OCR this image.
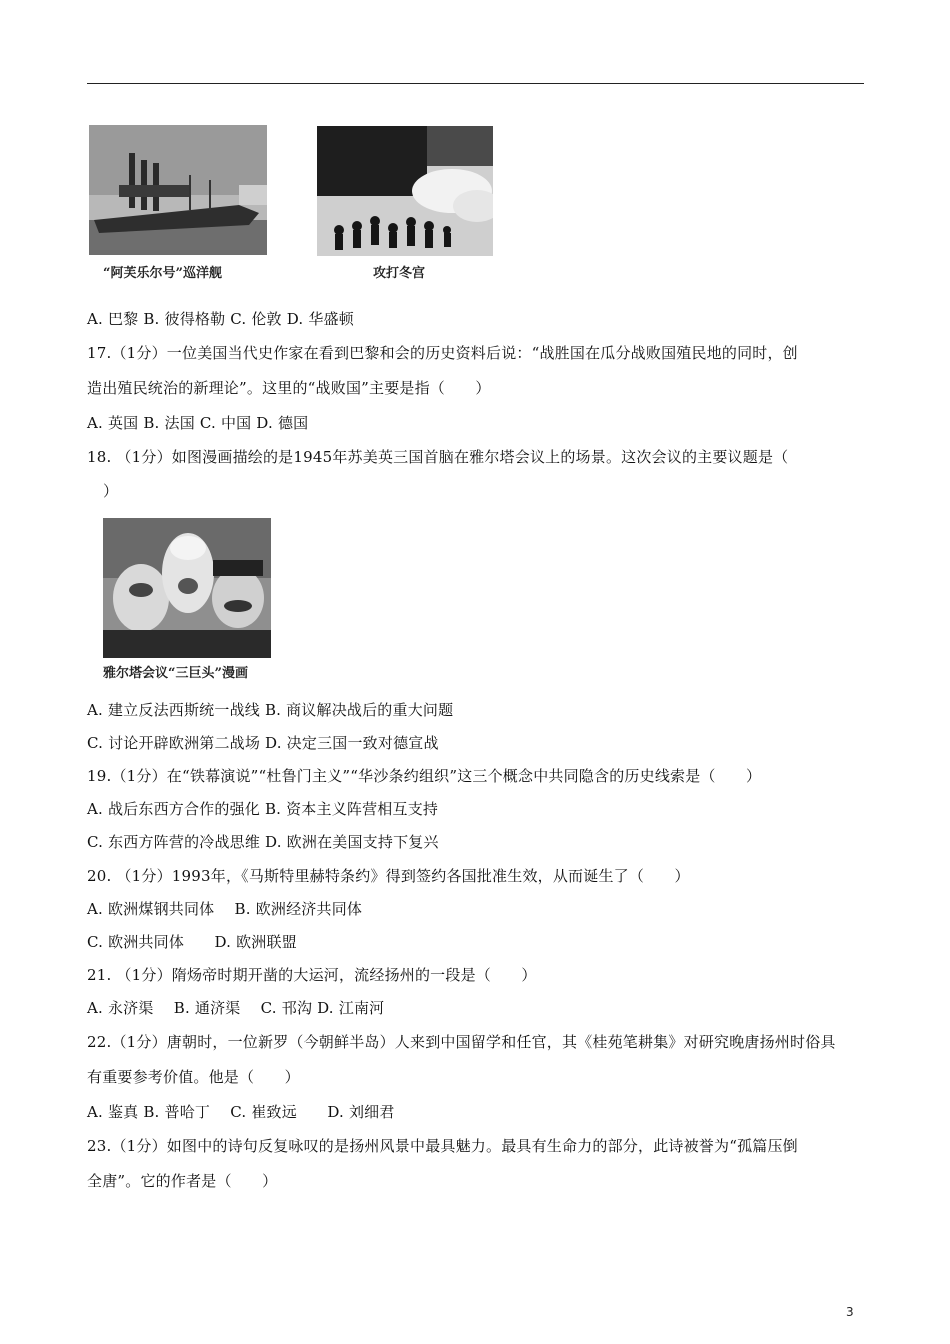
“阿芙乐尔号”巡洋舰	攻打冬宫
A. 巴黎 B. 彼得格勒 C. 伦敦 D. 华盛顿
17.（1分）一位美国当代史作家在看到巴黎和会的历史资料后说：“战胜国在瓜分战败国殖民地的同时，创
造出殖民统治的新理论”。这里的“战败国”主要是指（　　）
A. 英国 B. 法国 C. 中国 D. 德国
18. （1分）如图漫画描绘的是1945年苏美英三国首脑在雅尔塔会议上的场景。这次会议的主要议题是（
）
雅尔塔会议“三巨头”漫画
A. 建立反法西斯统一战线 B. 商议解决战后的重大问题
C. 讨论开辟欧洲第二战场 D. 决定三国一致对德宣战
19.（1分）在“铁幕演说”“杜鲁门主义”“华沙条约组织”这三个概念中共同隐含的历史线索是（　　）
A. 战后东西方合作的强化 B. 资本主义阵营相互支持
C. 东西方阵营的冷战思维 D. 欧洲在美国支持下复兴
20. （1分）1993年，《马斯特里赫特条约》得到签约各国批准生效，从而诞生了（　　）
A. 欧洲煤钢共同体　 B. 欧洲经济共同体
C. 欧洲共同体　　D. 欧洲联盟
21. （1分）隋炀帝时期开凿的大运河，流经扬州的一段是（　　）
A. 永济渠　 B. 通济渠　 C. 邗沟 D. 江南河
22.（1分）唐朝时，一位新罗（今朝鲜半岛）人来到中国留学和任官，其《桂苑笔耕集》对研究晚唐扬州时俗具
有重要参考价值。他是（　　）
A. 鉴真 B. 普哈丁　 C. 崔致远　　D. 刘细君
23.（1分）如图中的诗句反复咏叹的是扬州风景中最具魅力。最具有生命力的部分，此诗被誉为“孤篇压倒
全唐”。它的作者是（　　）
3
